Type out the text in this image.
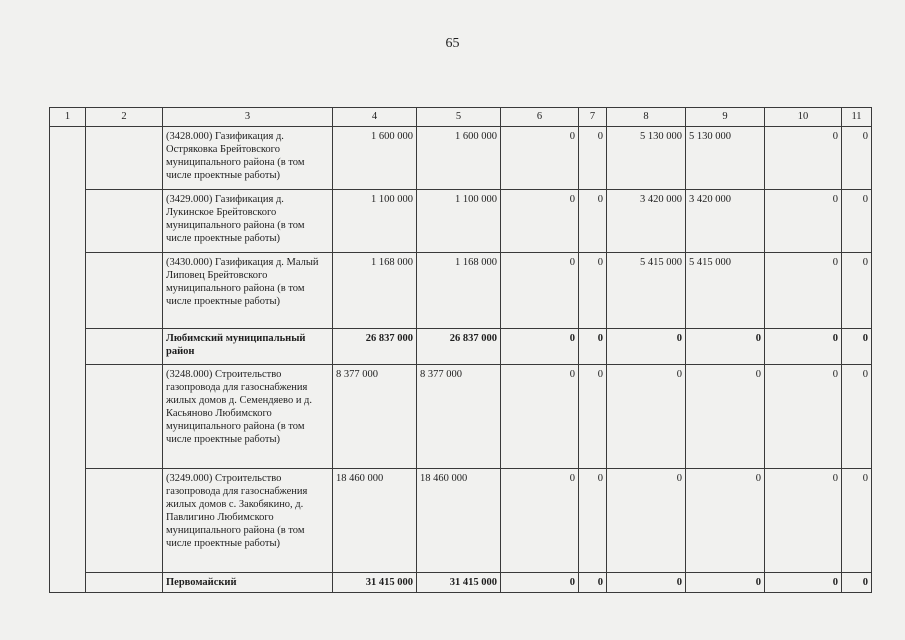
65
1	2	3	4	5	6	7	8	9	10	11
		(3428.000) Газификация д. Остряковка Брейтовского муниципального района (в том числе проектные работы)	1 600 000	1 600 000	0	0	5 130 000	5 130 000	0	0
		(3429.000) Газификация д. Лукинское Брейтовского муниципального района (в том числе проектные работы)	1 100 000	1 100 000	0	0	3 420 000	3 420 000	0	0
		(3430.000) Газификация д. Малый Липовец Брейтовского муниципального района (в том числе проектные работы)	1 168 000	1 168 000	0	0	5 415 000	5 415 000	0	0
		Любимский муниципальный район	26 837 000	26 837 000	0	0	0	0	0	0
		(3248.000) Строительство газопровода для газоснабжения жилых домов д. Семендяево и д. Касьяново Любимского муниципального района (в том числе проектные работы)	8 377 000	8 377 000	0	0	0	0	0	0
		(3249.000) Строительство газопровода для газоснабжения жилых домов с. Закобякино, д. Павлигино Любимского муниципального района (в том числе проектные работы)	18 460 000	18 460 000	0	0	0	0	0	0
		Первомайский	31 415 000	31 415 000	0	0	0	0	0	0
